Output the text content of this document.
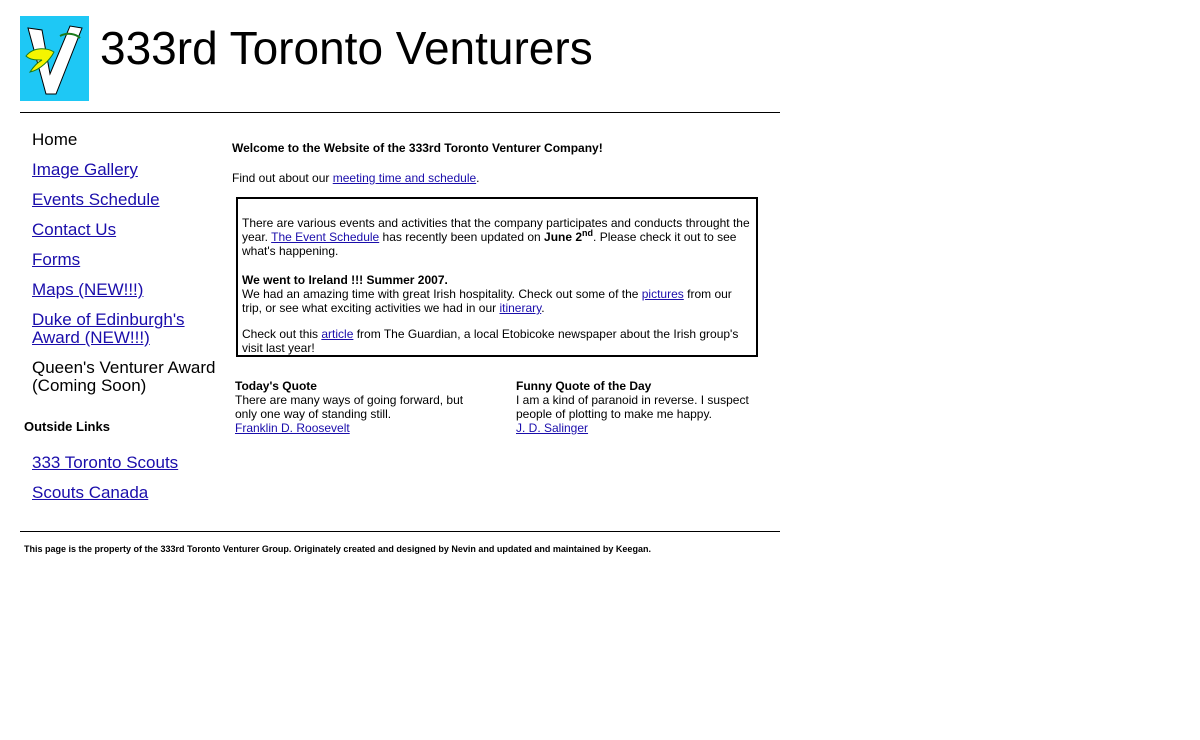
333rd Toronto Venturers
Home
Image Gallery
Events Schedule
Contact Us
Forms
Maps (NEW!!!)
Duke of Edinburgh's Award (NEW!!!)
Queen's Venturer Award (Coming Soon)
Outside Links
333 Toronto Scouts
Scouts Canada
Welcome to the Website of the 333rd Toronto Venturer Company!
Find out about our meeting time and schedule.

There are various events and activities that the company participates and conducts throught the year. The Event Schedule has recently been updated on June 2nd. Please check it out to see what's happening.

We went to Ireland !!! Summer 2007.
We had an amazing time with great Irish hospitality. Check out some of the pictures from our trip, or see what exciting activities we had in our itinerary.

Check out this article from The Guardian, a local Etobicoke newspaper about the Irish group's visit last year!

Today's Quote
There are many ways of going forward, but only one way of standing still.
Franklin D. Roosevelt
Funny Quote of the Day
I am a kind of paranoid in reverse. I suspect people of plotting to make me happy.
J. D. Salinger
This page is the property of the 333rd Toronto Venturer Group. Originately created and designed by Nevin and updated and maintained by Keegan.
